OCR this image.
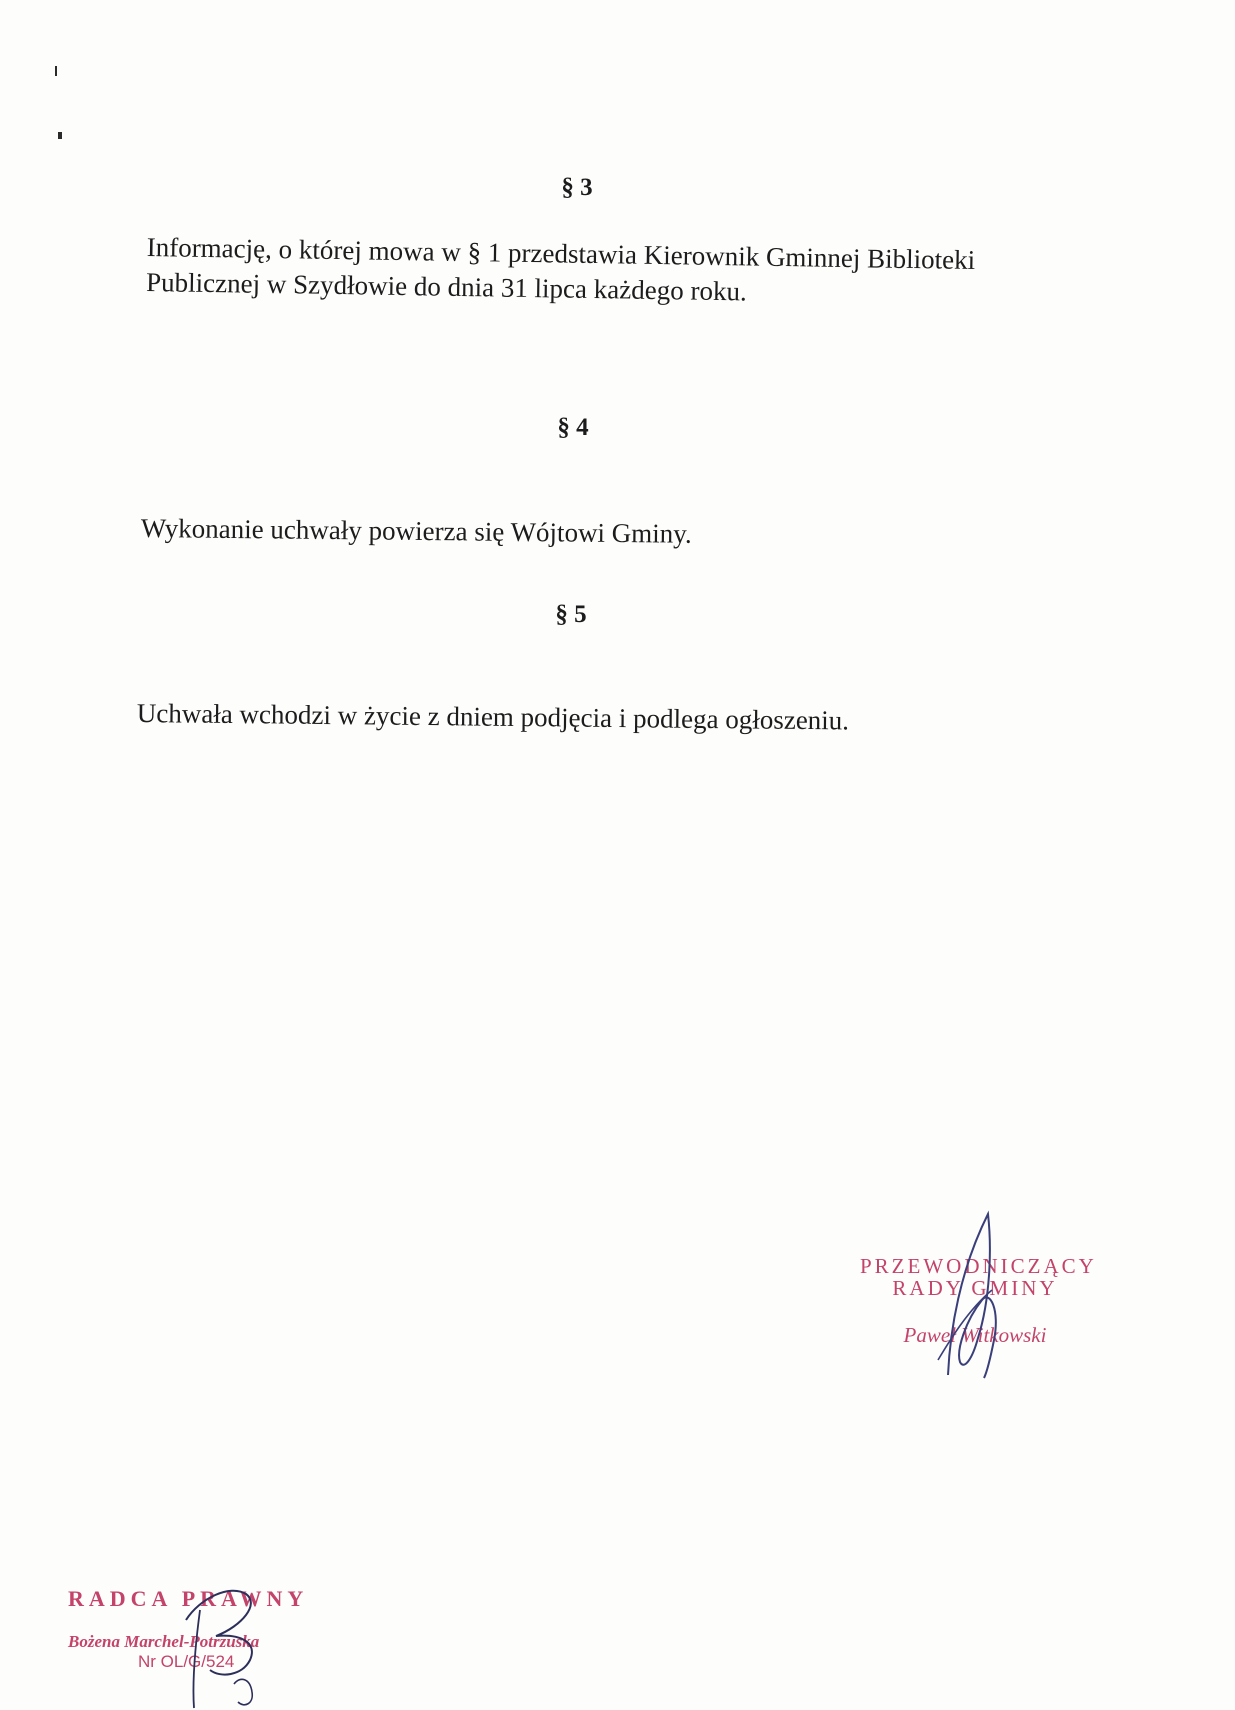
§ 3
Informację, o której mowa w § 1 przedstawia Kierownik Gminnej Biblioteki
Publicznej w Szydłowie do dnia 31 lipca każdego roku.
§ 4
Wykonanie uchwały powierza się Wójtowi Gminy.
§ 5
Uchwała wchodzi w życie z dniem podjęcia i podlega ogłoszeniu.
PRZEWODNICZĄCY
RADY GMINY
Paweł Witkowski
RADCA PRAWNY
Bożena Marchel-Potrzuska
Nr OL/G/524
